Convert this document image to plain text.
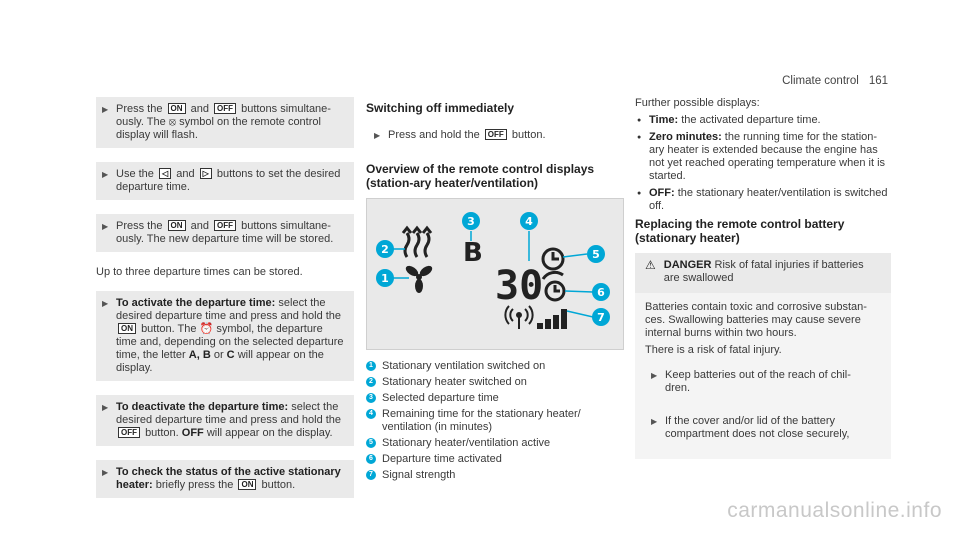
Climate control 161
▶ Press the ON and OFF buttons simultane-ously. The ⦻ symbol on the remote control display will flash.
▶ Use the ◁ and ▷ buttons to set the desired departure time.
▶ Press the ON and OFF buttons simultane-ously. The new departure time will be stored.
Up to three departure times can be stored.
▶ To activate the departure time: select the desired departure time and press and hold the ON button. The ⏰ symbol, the departure time and, depending on the selected departure time, the letter A, B or C will appear on the display.
▶ To deactivate the departure time: select the desired departure time and press and hold the OFF button. OFF will appear on the display.
▶ To check the status of the active stationary heater: briefly press the ON button.
Switching off immediately
▶ Press and hold the OFF button.
Overview of the remote control displays (station-ary heater/ventilation)
B
30
2
1
3	4
5
6
7
1 Stationary ventilation switched on
2 Stationary heater switched on
3 Selected departure time
4 Remaining time for the stationary heater/ ventilation (in minutes)
5 Stationary heater/ventilation active
6 Departure time activated
7 Signal strength
Further possible displays:
● Time: the activated departure time.
● Zero minutes: the running time for the station-ary heater is extended because the engine has not yet reached operating temperature when it is started.
● OFF: the stationary heater/ventilation is switched off.
Replacing the remote control battery (stationary heater)
⚠ DANGER Risk of fatal injuries if batteries are swallowed
Batteries contain toxic and corrosive substan-ces. Swallowing batteries may cause severe internal burns within two hours.
There is a risk of fatal injury.
▶ Keep batteries out of the reach of chil-dren.
▶ If the cover and/or lid of the battery compartment does not close securely,
carmanualsonline.info
